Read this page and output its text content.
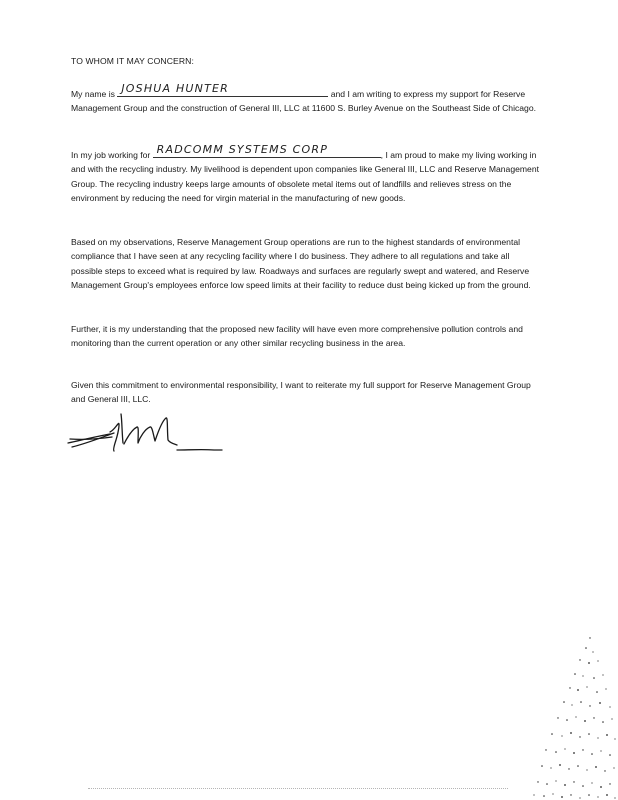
TO WHOM IT MAY CONCERN:

My name is JOSHUA HUNTER	and I am writing to express my support for Reserve Management Group and the construction of General III, LLC at 11600 S. Burley Avenue on the Southeast Side of Chicago.

In my job working for RADCOMM SYSTEMS CORP	, I am proud to make my living working in and with the recycling industry. My livelihood is dependent upon companies like General III, LLC and Reserve Management Group. The recycling industry keeps large amounts of obsolete metal items out of landfills and relieves stress on the environment by reducing the need for virgin material in the manufacturing of new goods.

Based on my observations, Reserve Management Group operations are run to the highest standards of environmental compliance that I have seen at any recycling facility where I do business. They adhere to all regulations and take all possible steps to exceed what is required by law. Roadways and surfaces are regularly swept and watered, and Reserve Management Group's employees enforce low speed limits at their facility to reduce dust being kicked up from the ground.

Further, it is my understanding that the proposed new facility will have even more comprehensive pollution controls and monitoring than the current operation or any other similar recycling business in the area.

Given this commitment to environmental responsibility, I want to reiterate my full support for Reserve Management Group and General III, LLC.
